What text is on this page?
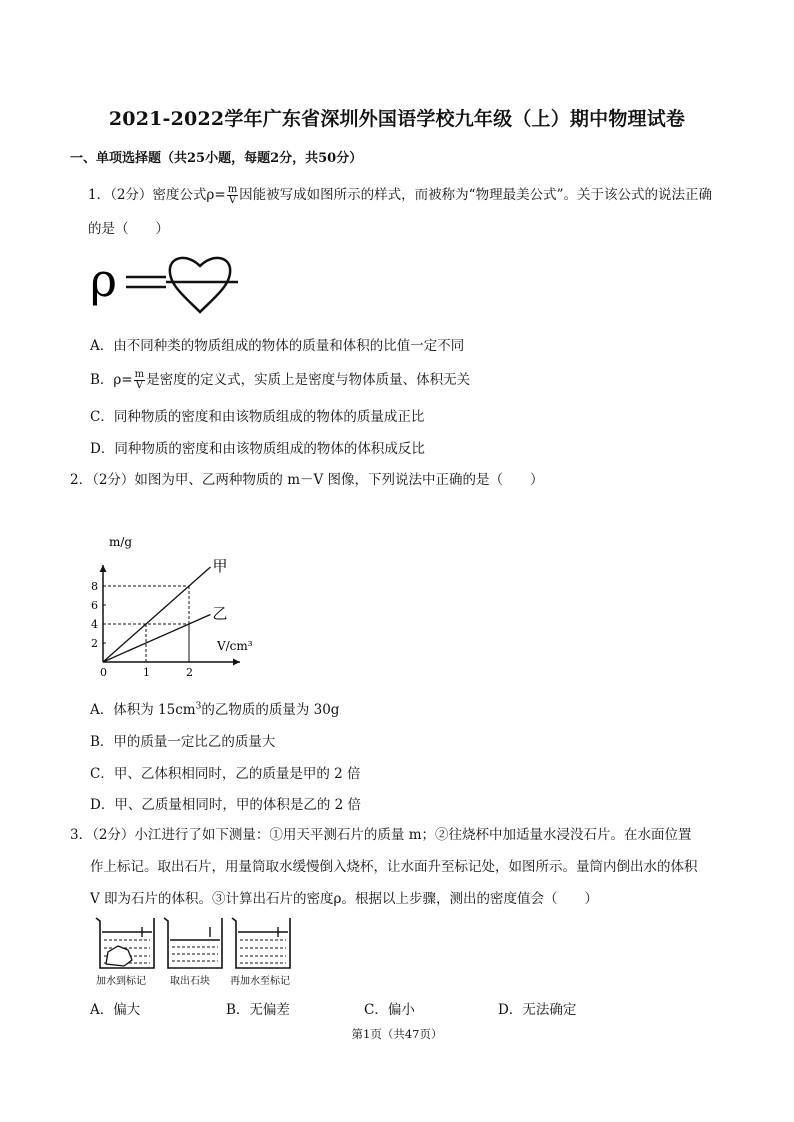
2021-2022学年广东省深圳外国语学校九年级（上）期中物理试卷
一、单项选择题（共25小题，每题2分，共50分）
1．（2分）密度公式$\rho= \frac{m}{V}$ 因能被写成如图所示的样式，而被称为“物理最美公式”。关于该公式的说法正确
的是（　　）
ρ
A．由不同种类的物质组成的物体的质量和体积的比值一定不同
B．$\rho= \frac{m}{V}$ 是密度的定义式，实质上是密度与物体质量、体积无关
C．同种物质的密度和由该物质组成的物体的质量成正比
D．同种物质的密度和由该物质组成的物体的体积成反比
2．（2分）如图为甲、乙两种物质的 m－V 图像，下列说法中正确的是（　　）
甲
乙
2
4
6
8
0	1	2
m/g
V/cm³
A．体积为 $15cm^3$的乙物质的质量为 30g
B．甲的质量一定比乙的质量大
C．甲、乙体积相同时，乙的质量是甲的 2 倍
D．甲、乙质量相同时，甲的体积是乙的 2 倍
3．（2分）小江进行了如下测量：①用天平测石片的质量 m；②往烧杯中加适量水浸没石片。在水面位置
作上标记。取出石片，用量筒取水缓慢倒入烧杯，让水面升至标记处，如图所示。量筒内倒出水的体积
V 即为石片的体积。③计算出石片的密度ρ。根据以上步骤，测出的密度值会（　　）
加水到标记 取出石块 再加水至标记
A．偏大	B．无偏差	C．偏小	D．无法确定
第1页（共47页）
